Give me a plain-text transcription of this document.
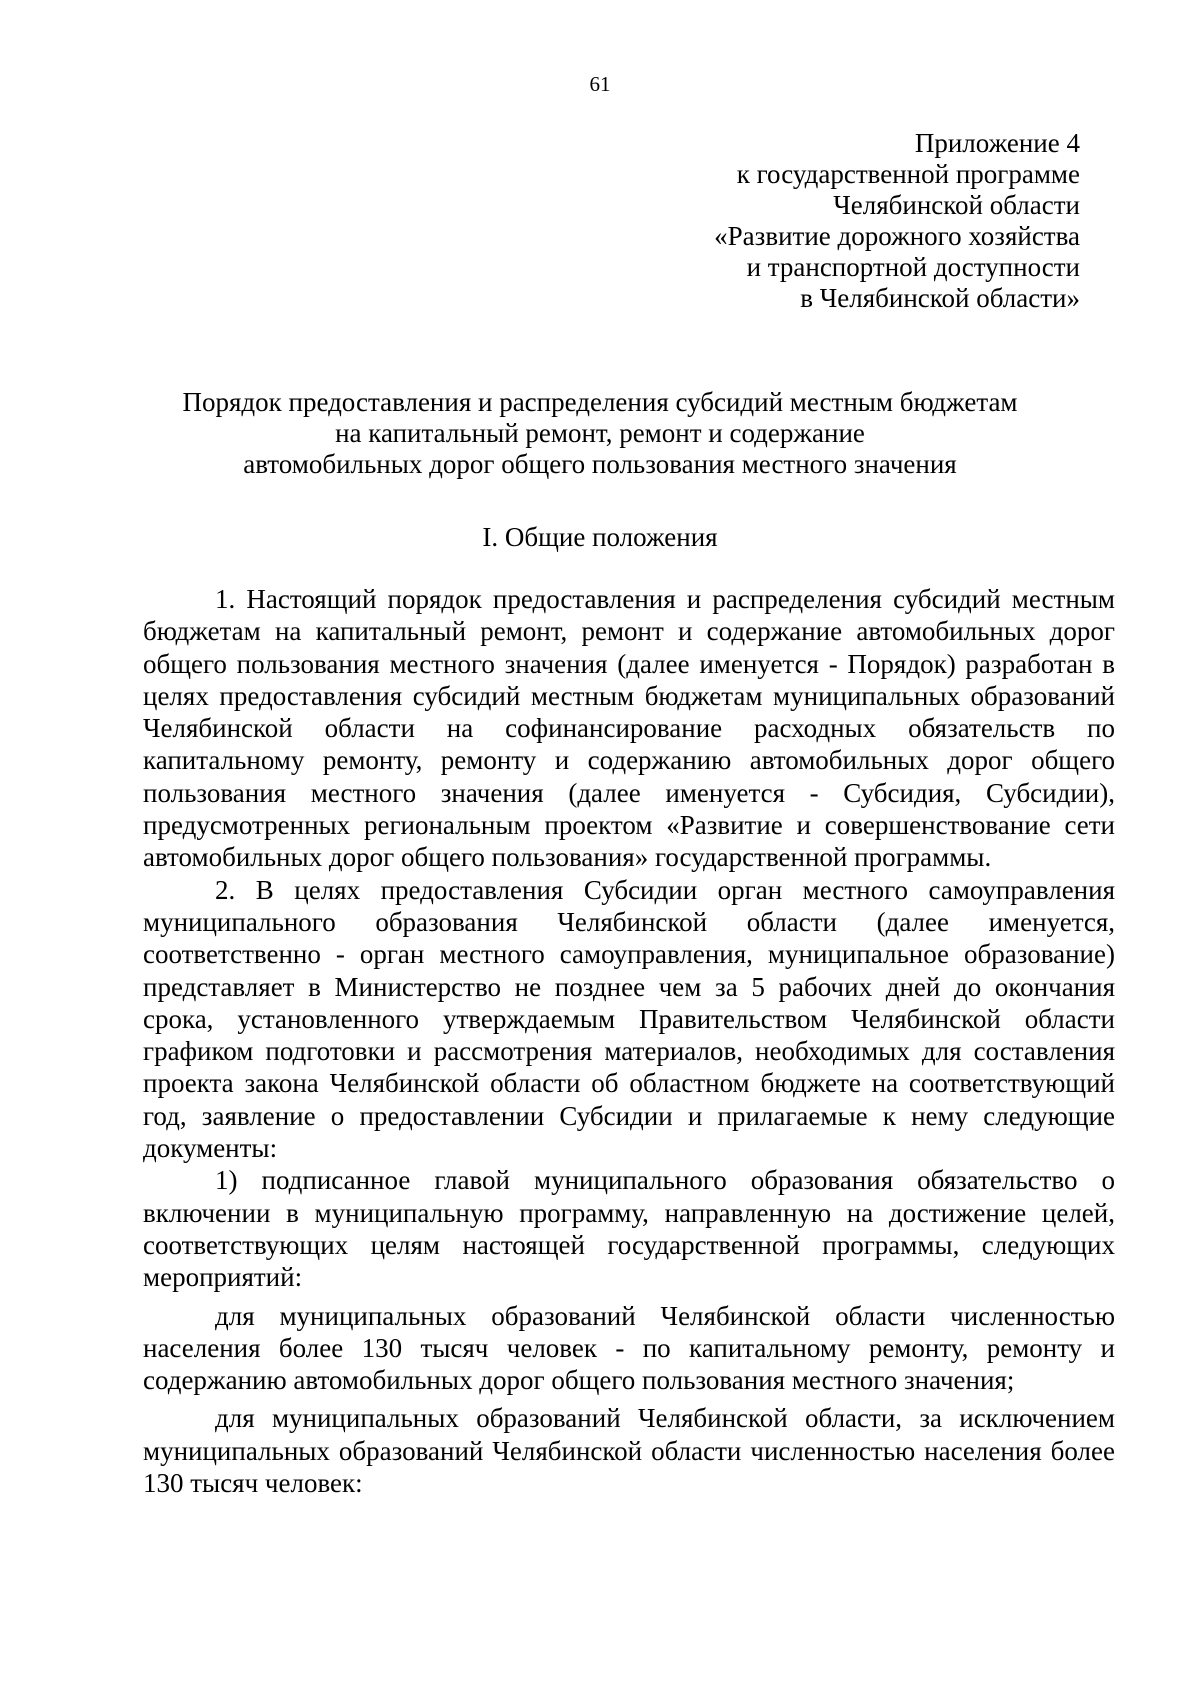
61
Приложение 4
к государственной программе
Челябинской области
«Развитие дорожного хозяйства
и транспортной доступности
в Челябинской области»
Порядок предоставления и распределения субсидий местным бюджетам
на капитальный ремонт, ремонт и содержание
автомобильных дорог общего пользования местного значения
I. Общие положения

1. Настоящий порядок предоставления и распределения субсидий местным бюджетам на капитальный ремонт, ремонт и содержание автомобильных дорог общего пользования местного значения (далее именуется - Порядок) разработан в целях предоставления субсидий местным бюджетам муниципальных образований Челябинской области на софинансирование расходных обязательств по капитальному ремонту, ремонту и содержанию автомобильных дорог общего пользования местного значения (далее именуется - Субсидия, Субсидии), предусмотренных региональным проектом «Развитие и совершенствование сети автомобильных дорог общего пользования» государственной программы.

2. В целях предоставления Субсидии орган местного самоуправления муниципального образования Челябинской области (далее именуется, соответственно - орган местного самоуправления, муниципальное образование) представляет в Министерство не позднее чем за 5 рабочих дней до окончания срока, установленного утверждаемым Правительством Челябинской области графиком подготовки и рассмотрения материалов, необходимых для составления проекта закона Челябинской области об областном бюджете на соответствующий год, заявление о предоставлении Субсидии и прилагаемые к нему следующие документы:

1) подписанное главой муниципального образования обязательство о включении в муниципальную программу, направленную на достижение целей, соответствующих целям настоящей государственной программы, следующих мероприятий:

для муниципальных образований Челябинской области численностью населения более 130 тысяч человек - по капитальному ремонту, ремонту и содержанию автомобильных дорог общего пользования местного значения;

для муниципальных образований Челябинской области, за исключением муниципальных образований Челябинской области численностью населения более 130 тысяч человек:
